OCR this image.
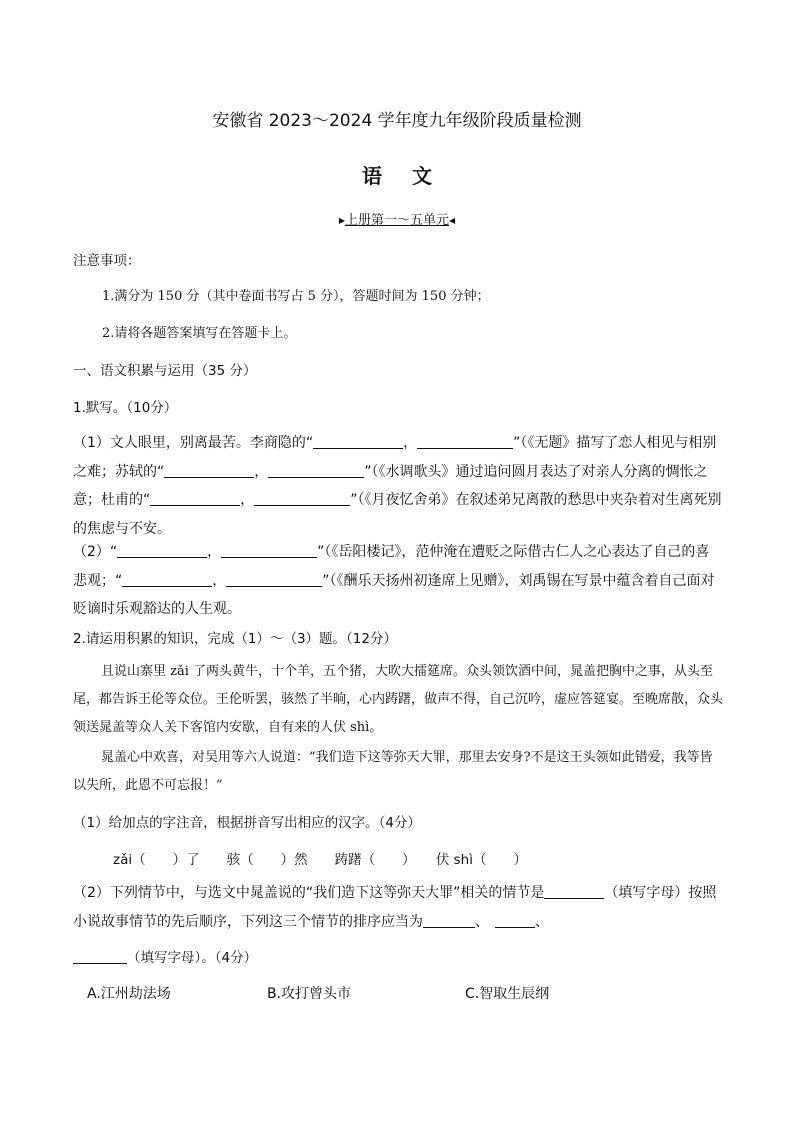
安徽省 2023～2024 学年度九年级阶段质量检测
语文
▶上册第一～五单元◀
注意事项：
1.满分为 150 分（其中卷面书写占 5 分），答题时间为 150 分钟；
2.请将各题答案填写在答题卡上。
一、语文积累与运用（35 分）
1.默写。（10分）
（1）文人眼里，别离最苦。李商隐的“	，	”（《无题》描写了恋人相见与相别之难；苏轼的“	，	”（《水调歌头》通过追问圆月表达了对亲人分离的惆怅之意；杜甫的“	，	”（《月夜忆舍弟》在叙述弟兄离散的愁思中夹杂着对生离死别的焦虑与不安。
（2）“	，	”（《岳阳楼记》，范仲淹在遭贬之际借古仁人之心表达了自己的喜悲观；“	，	”（《酬乐天扬州初逢席上见赠》，刘禹锡在写景中蕴含着自己面对贬谪时乐观豁达的人生观。
2.请运用积累的知识，完成（1）～（3）题。（12分）
且说山寨里 zǎi 了两头黄牛，十个羊，五个猪，大吹大擂筵席。众头领饮酒中间，晁盖把胸中之事，从头至尾，都告诉王伦等众位。王伦听罢，骇然了半晌，心内踌躇，做声不得，自己沉吟，虚应答筵宴。至晚席散，众头领送晁盖等众人关下客馆内安歇，自有来的人伏 shì。
晁盖心中欢喜，对吴用等六人说道：“我们造下这等弥天大罪，那里去安身?不是这王头领如此错爱，我等皆以失所，此恩不可忘报！”
（1）给加点的字注音，根据拼音写出相应的汉字。（4分）
zǎi（　　）了　　骇（　　）然　　踌躇（　　）　　伏 shì（　　）
（2）下列情节中，与选文中晁盖说的“我们造下这等弥天大罪”相关的情节是	（填写字母）按照小说故事情节的先后顺序，下列这三个情节的排序应当为	、	、
（填写字母）。（4分）
A.江州劫法场	B.攻打曾头市	C.智取生辰纲
